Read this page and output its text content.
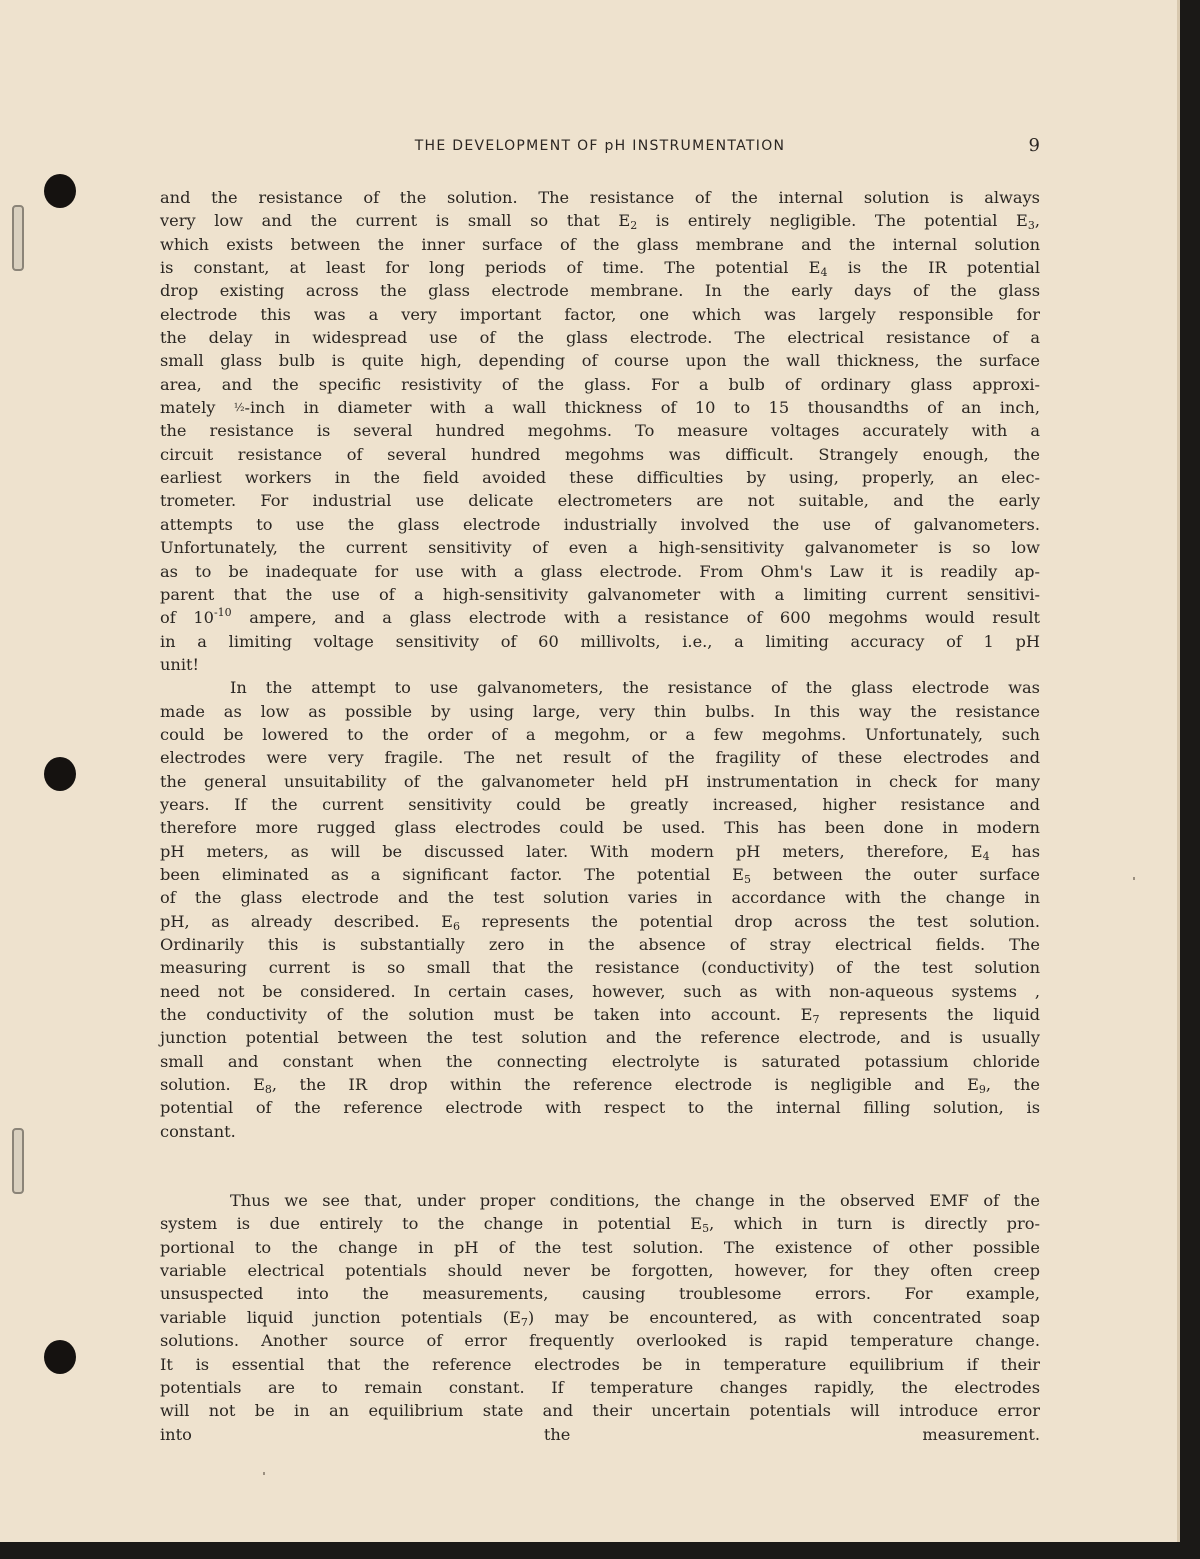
THE DEVELOPMENT OF pH INSTRUMENTATION	9
and the resistance of the solution. The resistance of the internal solution is always
very low and the current is small so that $E_2$ is entirely negligible. The potential $E_3$,
which exists between the inner surface of the glass membrane and the internal solution
is constant, at least for long periods of time. The potential $E_4$ is the IR potential
drop existing across the glass electrode membrane. In the early days of the glass
electrode this was a very important factor, one which was largely responsible for
the delay in widespread use of the glass electrode. The electrical resistance of a
small glass bulb is quite high, depending of course upon the wall thickness, the surface
area, and the specific resistivity of the glass. For a bulb of ordinary glass approxi-
mately ½-inch in diameter with a wall thickness of 10 to 15 thousandths of an inch,
the resistance is several hundred megohms. To measure voltages accurately with a
circuit resistance of several hundred megohms was difficult. Strangely enough, the
earliest workers in the field avoided these difficulties by using, properly, an elec-
trometer. For industrial use delicate electrometers are not suitable, and the early
attempts to use the glass electrode industrially involved the use of galvanometers.
Unfortunately, the current sensitivity of even a high-sensitivity galvanometer is so low
as to be inadequate for use with a glass electrode. From Ohm's Law it is readily ap-
parent that the use of a high-sensitivity galvanometer with a limiting current sensitivi-
of $10^{-10}$ ampere, and a glass electrode with a resistance of 600 megohms would result
in a limiting voltage sensitivity of 60 millivolts, i.e., a limiting accuracy of 1 pH
unit!
In the attempt to use galvanometers, the resistance of the glass electrode was
made as low as possible by using large, very thin bulbs. In this way the resistance
could be lowered to the order of a megohm, or a few megohms. Unfortunately, such
electrodes were very fragile. The net result of the fragility of these electrodes and
the general unsuitability of the galvanometer held pH instrumentation in check for many
years. If the current sensitivity could be greatly increased, higher resistance and
therefore more rugged glass electrodes could be used. This has been done in modern
pH meters, as will be discussed later. With modern pH meters, therefore, $E_4$ has
been eliminated as a significant factor. The potential $E_5$ between the outer surface
of the glass electrode and the test solution varies in accordance with the change in
pH, as already described. $E_6$ represents the potential drop across the test solution.
Ordinarily this is substantially zero in the absence of stray electrical fields. The
measuring current is so small that the resistance (conductivity) of the test solution
need not be considered. In certain cases, however, such as with non-aqueous systems ,
the conductivity of the solution must be taken into account. $E_7$ represents the liquid
junction potential between the test solution and the reference electrode, and is usually
small and constant when the connecting electrolyte is saturated potassium chloride
solution. $E_8$, the IR drop within the reference electrode is negligible and $E_9$, the
potential of the reference electrode with respect to the internal filling solution, is
constant.
Thus we see that, under proper conditions, the change in the observed EMF of the
system is due entirely to the change in potential $E_5$, which in turn is directly pro-
portional to the change in pH of the test solution. The existence of other possible
variable electrical potentials should never be forgotten, however, for they often creep
unsuspected into the measurements, causing troublesome errors. For example,
variable liquid junction potentials $(E_7)$ may be encountered, as with concentrated soap
solutions. Another source of error frequently overlooked is rapid temperature change.
It is essential that the reference electrodes be in temperature equilibrium if their
potentials are to remain constant. If temperature changes rapidly, the electrodes
will not be in an equilibrium state and their uncertain potentials will introduce error
into the measurement.
